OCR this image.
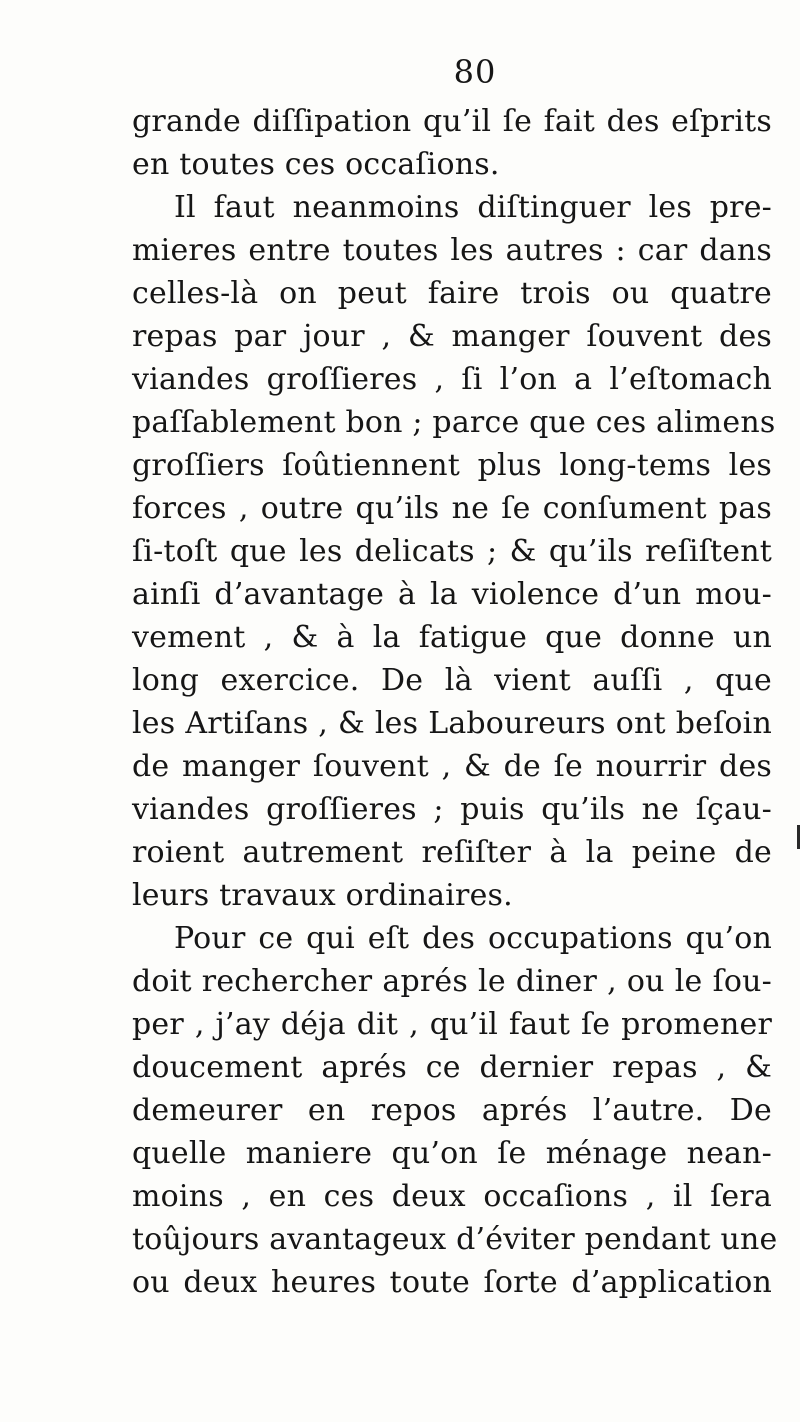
80
grande diſſipation qu’il ſe fait des eſprits
en toutes ces occaſions.
Il faut neanmoins diſtinguer les pre-
mieres entre toutes les autres : car dans
celles-là on peut faire trois ou quatre
repas par jour , & manger ſouvent des
viandes groſſieres , ſi l’on a l’eſtomach
paſſablement bon ; parce que ces alimens
groſſiers ſoûtiennent plus long-tems les
forces , outre qu’ils ne ſe conſument pas
ſi-toſt que les delicats ; & qu’ils reſiſtent
ainſi d’avantage à la violence d’un mou-
vement , & à la fatigue que donne un
long exercice. De là vient auſſi , que
les Artiſans , & les Laboureurs ont beſoin
de manger ſouvent , & de ſe nourrir des
viandes groſſieres ; puis qu’ils ne ſçau-
roient autrement reſiſter à la peine de
leurs travaux ordinaires.
Pour ce qui eſt des occupations qu’on
doit rechercher aprés le diner , ou le ſou-
per , j’ay déja dit , qu’il faut ſe promener
doucement aprés ce dernier repas , &
demeurer en repos aprés l’autre. De
quelle maniere qu’on ſe ménage nean-
moins , en ces deux occaſions , il ſera
toûjours avantageux d’éviter pendant une
ou deux heures toute ſorte d’application
